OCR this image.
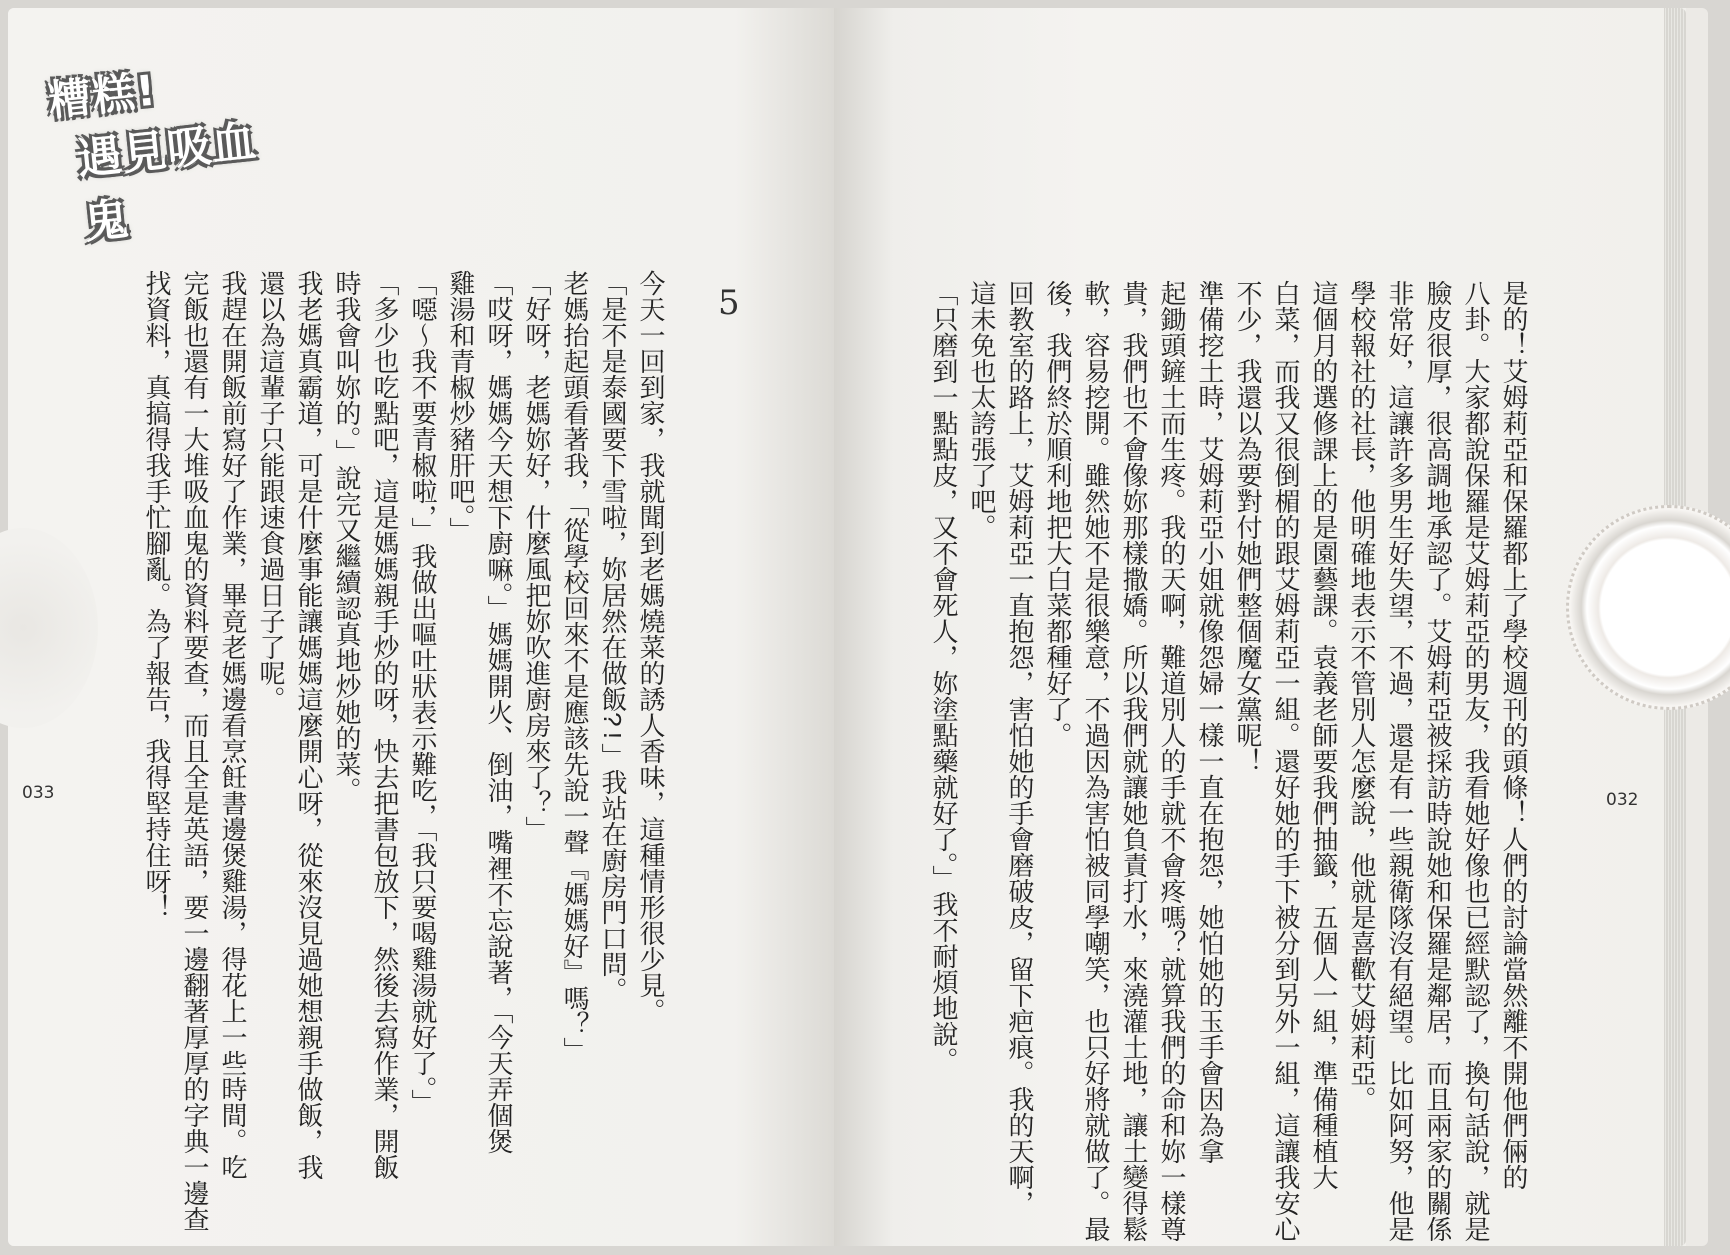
糟糕!
遇見吸血鬼
5
今天一回到家，我就聞到老媽燒菜的誘人香味，這種情形很少見。
「是不是泰國要下雪啦，妳居然在做飯?!」我站在廚房門口問。
老媽抬起頭看著我，「從學校回來不是應該先說一聲『媽媽好』嗎？」
「好呀，老媽妳好，什麼風把妳吹進廚房來了？」
「哎呀，媽媽今天想下廚嘛。」媽媽開火、倒油，嘴裡不忘說著，「今天弄個煲
雞湯和青椒炒豬肝吧。」
「噁～我不要青椒啦，」我做出嘔吐狀表示難吃，「我只要喝雞湯就好了。」
「多少也吃點吧，這是媽媽親手炒的呀，快去把書包放下，然後去寫作業，開飯
時我會叫妳的。」說完又繼續認真地炒她的菜。
我老媽真霸道，可是什麼事能讓媽媽這麼開心呀，從來沒見過她想親手做飯，我
還以為這輩子只能跟速食過日子了呢。
我趕在開飯前寫好了作業，畢竟老媽邊看烹飪書邊煲雞湯，得花上一些時間。吃
完飯也還有一大堆吸血鬼的資料要查，而且全是英語，要一邊翻著厚厚的字典一邊查
找資料，真搞得我手忙腳亂。為了報告，我得堅持住呀！
033	是的！艾姆莉亞和保羅都上了學校週刊的頭條！人們的討論當然離不開他們倆的
八卦。大家都說保羅是艾姆莉亞的男友，我看她好像也已經默認了，換句話說，就是
臉皮很厚，很高調地承認了。艾姆莉亞被採訪時說她和保羅是鄰居，而且兩家的關係
非常好，這讓許多男生好失望，不過，還是有一些親衛隊沒有絕望。比如阿努，他是
學校報社的社長，他明確地表示不管別人怎麼說，他就是喜歡艾姆莉亞。
這個月的選修課上的是園藝課。袁義老師要我們抽籤，五個人一組，準備種植大
白菜，而我又很倒楣的跟艾姆莉亞一組。還好她的手下被分到另外一組，這讓我安心
不少，我還以為要對付她們整個魔女黨呢！
準備挖土時，艾姆莉亞小姐就像怨婦一樣一直在抱怨，她怕她的玉手會因為拿
起鋤頭鏟土而生疼。我的天啊，難道別人的手就不會疼嗎？就算我們的命和妳一樣尊
貴，我們也不會像妳那樣撒嬌。所以我們就讓她負責打水，來澆灌土地，讓土變得鬆
軟，容易挖開。雖然她不是很樂意，不過因為害怕被同學嘲笑，也只好將就做了。最
後，我們終於順利地把大白菜都種好了。
回教室的路上，艾姆莉亞一直抱怨，害怕她的手會磨破皮，留下疤痕。我的天啊，
這未免也太誇張了吧。
「只磨到一點點皮，又不會死人，妳塗點藥就好了。」我不耐煩地說。	032
